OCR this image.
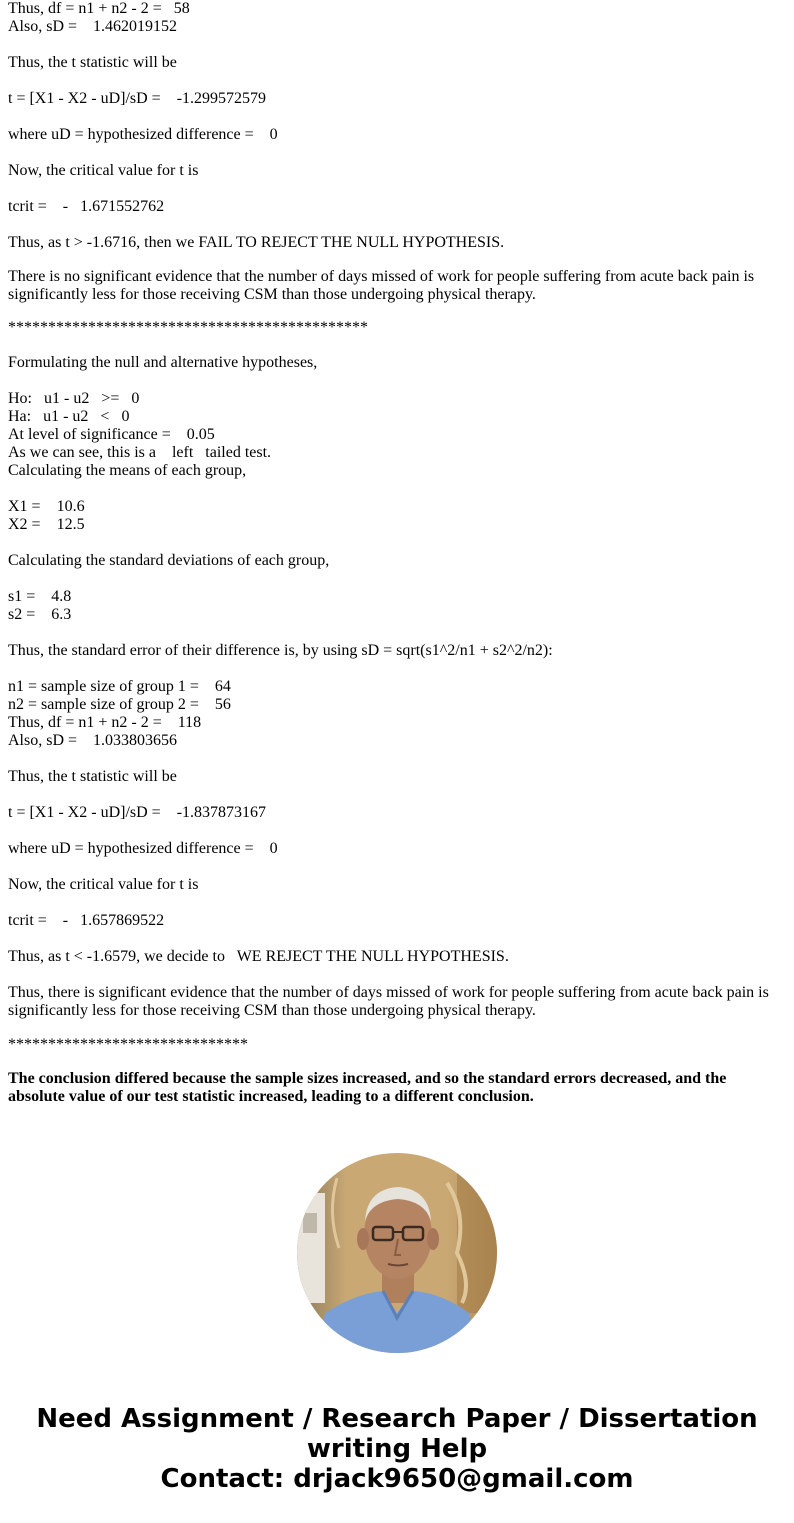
Thus, df = n1 + n2 - 2 =   58
Also, sD =    1.462019152
Thus, the t statistic will be
t = [X1 - X2 - uD]/sD =    -1.299572579
where uD = hypothesized difference =    0
Now, the critical value for t is
tcrit =    -   1.671552762
Thus, as t > -1.6716, then we FAIL TO REJECT THE NULL HYPOTHESIS.
There is no significant evidence that the number of days missed of work for people suffering from acute back pain is significantly less for those receiving CSM than those undergoing physical therapy.
*********************************************
Formulating the null and alternative hypotheses,
Ho:   u1 - u2   >=   0
Ha:   u1 - u2   <   0
At level of significance =    0.05
As we can see, this is a    left   tailed test.
Calculating the means of each group,
X1 =    10.6
X2 =    12.5
Calculating the standard deviations of each group,
s1 =    4.8
s2 =    6.3
Thus, the standard error of their difference is, by using sD = sqrt(s1^2/n1 + s2^2/n2):
n1 = sample size of group 1 =    64
n2 = sample size of group 2 =    56
Thus, df = n1 + n2 - 2 =    118
Also, sD =    1.033803656
Thus, the t statistic will be
t = [X1 - X2 - uD]/sD =    -1.837873167
where uD = hypothesized difference =    0
Now, the critical value for t is
tcrit =    -   1.657869522
Thus, as t < -1.6579, we decide to   WE REJECT THE NULL HYPOTHESIS.
Thus, there is significant evidence that the number of days missed of work for people suffering from acute back pain is significantly less for those receiving CSM than those undergoing physical therapy.
******************************
The conclusion differed because the sample sizes increased, and so the standard errors decreased, and the absolute value of our test statistic increased, leading to a different conclusion.
Need Assignment / Research Paper / Dissertation
writing Help
Contact: drjack9650@gmail.com
